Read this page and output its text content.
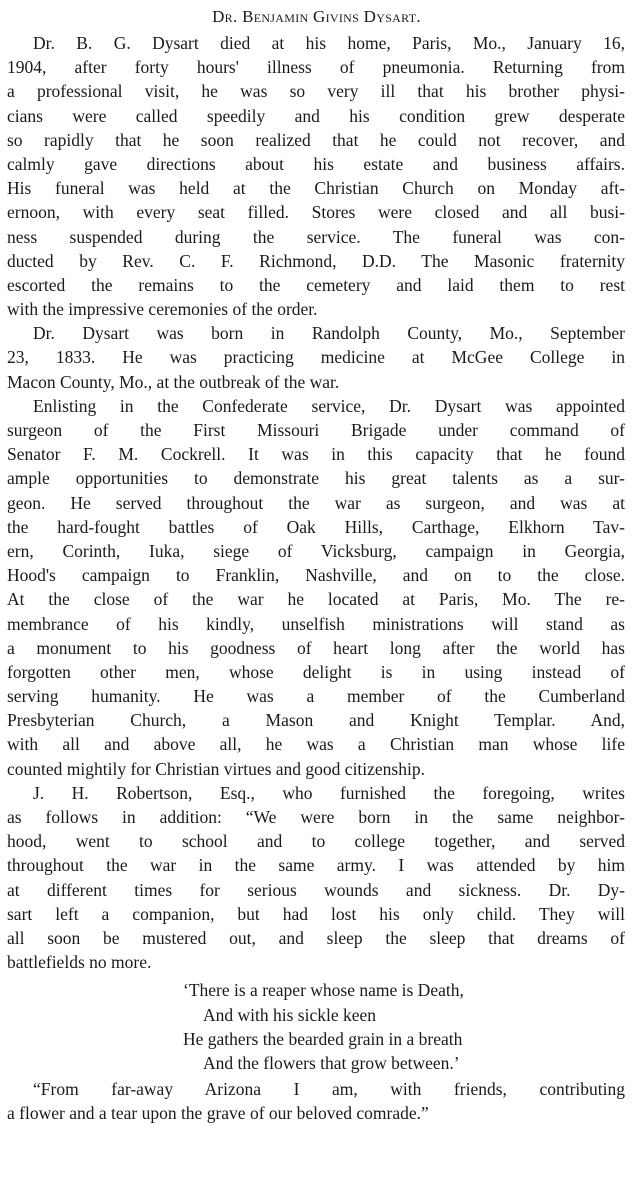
Dr. Benjamin Givins Dysart.
Dr. B. G. Dysart died at his home, Paris, Mo., January 16,
1904, after forty hours' illness of pneumonia. Returning from
a professional visit, he was so very ill that his brother physi-
cians were called speedily and his condition grew desperate
so rapidly that he soon realized that he could not recover, and
calmly gave directions about his estate and business affairs.
His funeral was held at the Christian Church on Monday aft-
ernoon, with every seat filled. Stores were closed and all busi-
ness suspended during the service. The funeral was con-
ducted by Rev. C. F. Richmond, D.D. The Masonic fraternity
escorted the remains to the cemetery and laid them to rest
with the impressive ceremonies of the order.
Dr. Dysart was born in Randolph County, Mo., September
23, 1833. He was practicing medicine at McGee College in
Macon County, Mo., at the outbreak of the war.
Enlisting in the Confederate service, Dr. Dysart was appointed
surgeon of the First Missouri Brigade under command of
Senator F. M. Cockrell. It was in this capacity that he found
ample opportunities to demonstrate his great talents as a sur-
geon. He served throughout the war as surgeon, and was at
the hard-fought battles of Oak Hills, Carthage, Elkhorn Tav-
ern, Corinth, Iuka, siege of Vicksburg, campaign in Georgia,
Hood's campaign to Franklin, Nashville, and on to the close.
At the close of the war he located at Paris, Mo. The re-
membrance of his kindly, unselfish ministrations will stand as
a monument to his goodness of heart long after the world has
forgotten other men, whose delight is in using instead of
serving humanity. He was a member of the Cumberland
Presbyterian Church, a Mason and Knight Templar. And,
with all and above all, he was a Christian man whose life
counted mightily for Christian virtues and good citizenship.
J. H. Robertson, Esq., who furnished the foregoing, writes
as follows in addition: “We were born in the same neighbor-
hood, went to school and to college together, and served
throughout the war in the same army. I was attended by him
at different times for serious wounds and sickness. Dr. Dy-
sart left a companion, but had lost his only child. They will
all soon be mustered out, and sleep the sleep that dreams of
battlefields no more.
‘There is a reaper whose name is Death,
And with his sickle keen
He gathers the bearded grain in a breath
And the flowers that grow between.’
“From far-away Arizona I am, with friends, contributing
a flower and a tear upon the grave of our beloved comrade.”
